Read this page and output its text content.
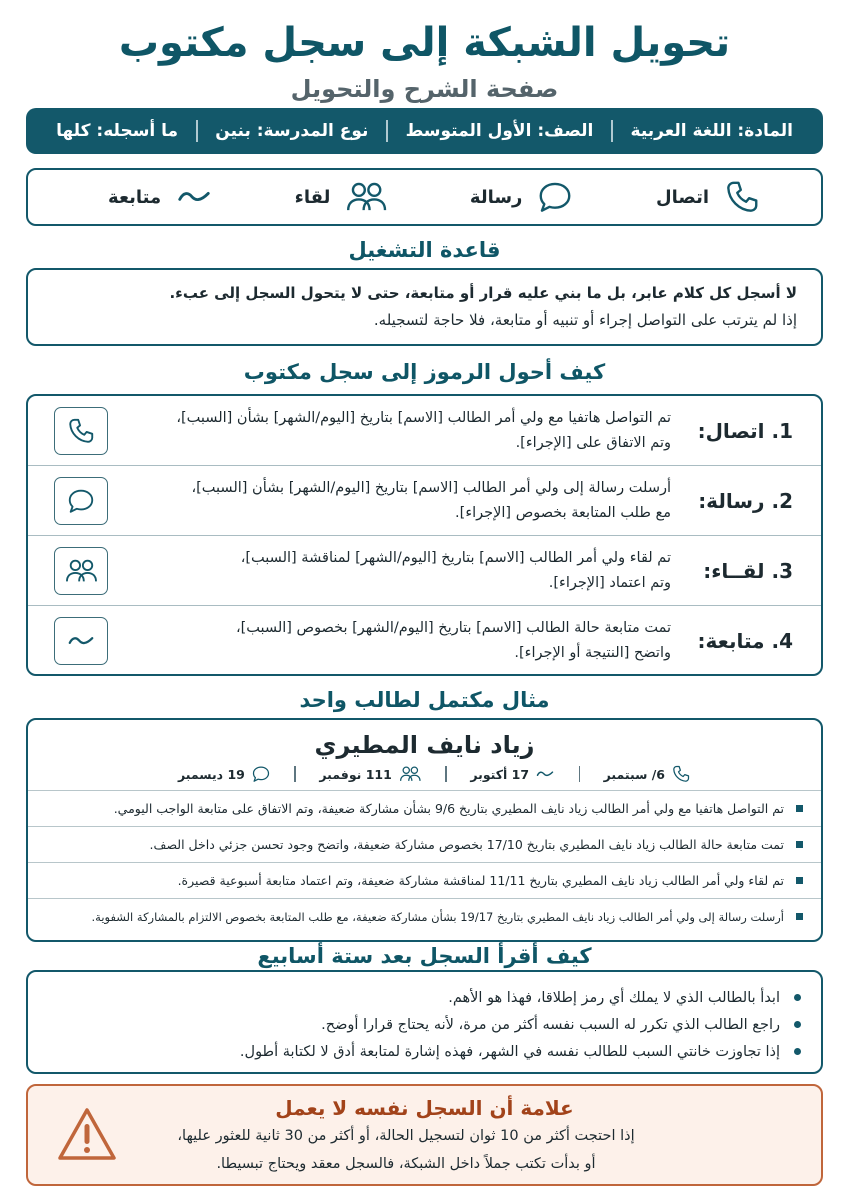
تحويل الشبكة إلى سجل مكتوب
صفحة الشرح والتحويل
المادة: اللغة العربية
الصف: الأول المتوسط
نوع المدرسة: بنين
ما أسجله: كلها
اتصال
رسالة
لقاء
متابعة
قاعدة التشغيل

لا أسجل كل كلام عابر، بل ما بني عليه قرار أو متابعة، حتى لا يتحول السجل إلى عبء.

إذا لم يترتب على التواصل إجراء أو تنبيه أو متابعة، فلا حاجة لتسجيله.

كيف أحول الرموز إلى سجل مكتوب
1. اتصال:
تم التواصل هاتفيا مع ولي أمر الطالب [الاسم] بتاريخ [اليوم/الشهر] بشأن [السبب]،
وتم الاتفاق على [الإجراء].
2. رسالة:
أرسلت رسالة إلى ولي أمر الطالب [الاسم] بتاريخ [اليوم/الشهر] بشأن [السبب]،
مع طلب المتابعة بخصوص [الإجراء].
3. لقــاء:
تم لقاء ولي أمر الطالب [الاسم] بتاريخ [اليوم/الشهر] لمناقشة [السبب]،
وتم اعتماد [الإجراء].
4. متابعة:
تمت متابعة حالة الطالب [الاسم] بتاريخ [اليوم/الشهر] بخصوص [السبب]،
واتضح [النتيجة أو الإجراء].
مثال مكتمل لطالب واحد
زياد نايف المطيري
6/ سبتمبر
17 أكتوبر
111 نوفمبر
19 ديسمبر
تم التواصل هاتفيا مع ولي أمر الطالب زياد نايف المطيري بتاريخ 9/6 بشأن مشاركة ضعيفة، وتم الاتفاق على متابعة الواجب اليومي.
تمت متابعة حالة الطالب زياد نايف المطيري بتاريخ 17/10 بخصوص مشاركة ضعيفة، واتضح وجود تحسن جزئي داخل الصف.
تم لقاء ولي أمر الطالب زياد نايف المطيري بتاريخ 11/11 لمناقشة مشاركة ضعيفة، وتم اعتماد متابعة أسبوعية قصيرة.
أرسلت رسالة إلى ولي أمر الطالب زياد نايف المطيري بتاريخ 19/17 بشأن مشاركة ضعيفة، مع طلب المتابعة بخصوص الالتزام بالمشاركة الشفوية.
كيف أقرأ السجل بعد ستة أسابيع
ابدأ بالطالب الذي لا يملك أي رمز إطلاقا، فهذا هو الأهم.
راجع الطالب الذي تكرر له السبب نفسه أكثر من مرة، لأنه يحتاج قرارا أوضح.
إذا تجاوزت خانتي السبب للطالب نفسه في الشهر، فهذه إشارة لمتابعة أدق لا لكتابة أطول.
علامة أن السجل نفسه لا يعمل
إذا احتجت أكثر من 10 ثوان لتسجيل الحالة، أو أكثر من 30 ثانية للعثور عليها،
أو بدأت تكتب جملاً داخل الشبكة، فالسجل معقد ويحتاج تبسيطا.
